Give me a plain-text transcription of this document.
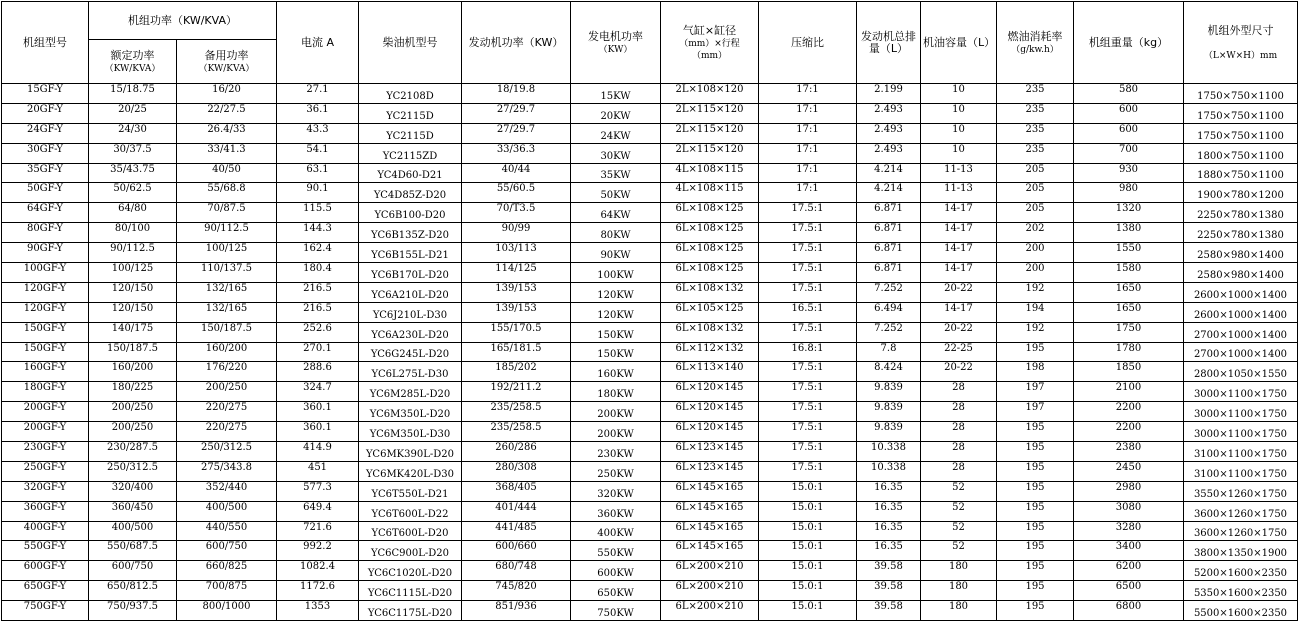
机组型号	机组功率（KW/KVA）		电流 A	柴油机型号	发动机功率（KW）	发电机功率
（KW）	气缸×缸径
（mm）×行程
（mm）	压缩比	发动机总排量（L）	机油容量（L）	燃油消耗率
（g/kw.h）	机组重量（kg）	机组外型尺寸

（L×W×H）mm
	额定功率
（KW/KVA）	备用功率
（KW/KVA）											
15GF-Y	15/18.75	16/20	27.1	YC2108D	18/19.8	15KW	2L×108×120	17:1	2.199	10	235	580	1750×750×1100
20GF-Y	20/25	22/27.5	36.1	YC2115D	27/29.7	20KW	2L×115×120	17:1	2.493	10	235	600	1750×750×1100
24GF-Y	24/30	26.4/33	43.3	YC2115D	27/29.7	24KW	2L×115×120	17:1	2.493	10	235	600	1750×750×1100
30GF-Y	30/37.5	33/41.3	54.1	YC2115ZD	33/36.3	30KW	2L×115×120	17:1	2.493	10	235	700	1800×750×1100
35GF-Y	35/43.75	40/50	63.1	YC4D60-D21	40/44	35KW	4L×108×115	17:1	4.214	11-13	205	930	1880×750×1100
50GF-Y	50/62.5	55/68.8	90.1	YC4D85Z-D20	55/60.5	50KW	4L×108×115	17:1	4.214	11-13	205	980	1900×780×1200
64GF-Y	64/80	70/87.5	115.5	YC6B100-D20	70/T3.5	64KW	6L×108×125	17.5:1	6.871	14-17	205	1320	2250×780×1380
80GF-Y	80/100	90/112.5	144.3	YC6B135Z-D20	90/99	80KW	6L×108×125	17.5:1	6.871	14-17	202	1380	2250×780×1380
90GF-Y	90/112.5	100/125	162.4	YC6B155L-D21	103/113	90KW	6L×108×125	17.5:1	6.871	14-17	200	1550	2580×980×1400
100GF-Y	100/125	110/137.5	180.4	YC6B170L-D20	114/125	100KW	6L×108×125	17.5:1	6.871	14-17	200	1580	2580×980×1400
120GF-Y	120/150	132/165	216.5	YC6A210L-D20	139/153	120KW	6L×108×132	17.5:1	7.252	20-22	192	1650	2600×1000×1400
120GF-Y	120/150	132/165	216.5	YC6J210L-D30	139/153	120KW	6L×105×125	16.5:1	6.494	14-17	194	1650	2600×1000×1400
150GF-Y	140/175	150/187.5	252.6	YC6A230L-D20	155/170.5	150KW	6L×108×132	17.5:1	7.252	20-22	192	1750	2700×1000×1400
150GF-Y	150/187.5	160/200	270.1	YC6G245L-D20	165/181.5	150KW	6L×112×132	16.8:1	7.8	22-25	195	1780	2700×1000×1400
160GF-Y	160/200	176/220	288.6	YC6L275L-D30	185/202	160KW	6L×113×140	17.5:1	8.424	20-22	198	1850	2800×1050×1550
180GF-Y	180/225	200/250	324.7	YC6M285L-D20	192/211.2	180KW	6L×120×145	17.5:1	9.839	28	197	2100	3000×1100×1750
200GF-Y	200/250	220/275	360.1	YC6M350L-D20	235/258.5	200KW	6L×120×145	17.5:1	9.839	28	197	2200	3000×1100×1750
200GF-Y	200/250	220/275	360.1	YC6M350L-D30	235/258.5	200KW	6L×120×145	17.5:1	9.839	28	195	2200	3000×1100×1750
230GF-Y	230/287.5	250/312.5	414.9	YC6MK390L-D20	260/286	230KW	6L×123×145	17.5:1	10.338	28	195	2380	3100×1100×1750
250GF-Y	250/312.5	275/343.8	451	YC6MK420L-D30	280/308	250KW	6L×123×145	17.5:1	10.338	28	195	2450	3100×1100×1750
320GF-Y	320/400	352/440	577.3	YC6T550L-D21	368/405	320KW	6L×145×165	15.0:1	16.35	52	195	2980	3550×1260×1750
360GF-Y	360/450	400/500	649.4	YC6T600L-D22	401/444	360KW	6L×145×165	15.0:1	16.35	52	195	3080	3600×1260×1750
400GF-Y	400/500	440/550	721.6	YC6T600L-D20	441/485	400KW	6L×145×165	15.0:1	16.35	52	195	3280	3600×1260×1750
550GF-Y	550/687.5	600/750	992.2	YC6C900L-D20	600/660	550KW	6L×145×165	15.0:1	16.35	52	195	3400	3800×1350×1900
600GF-Y	600/750	660/825	1082.4	YC6C1020L-D20	680/748	600KW	6L×200×210	15.0:1	39.58	180	195	6200	5200×1600×2350
650GF-Y	650/812.5	700/875	1172.6	YC6C1115L-D20	745/820	650KW	6L×200×210	15.0:1	39.58	180	195	6500	5350×1600×2350
750GF-Y	750/937.5	800/1000	1353	YC6C1175L-D20	851/936	750KW	6L×200×210	15.0:1	39.58	180	195	6800	5500×1600×2350
